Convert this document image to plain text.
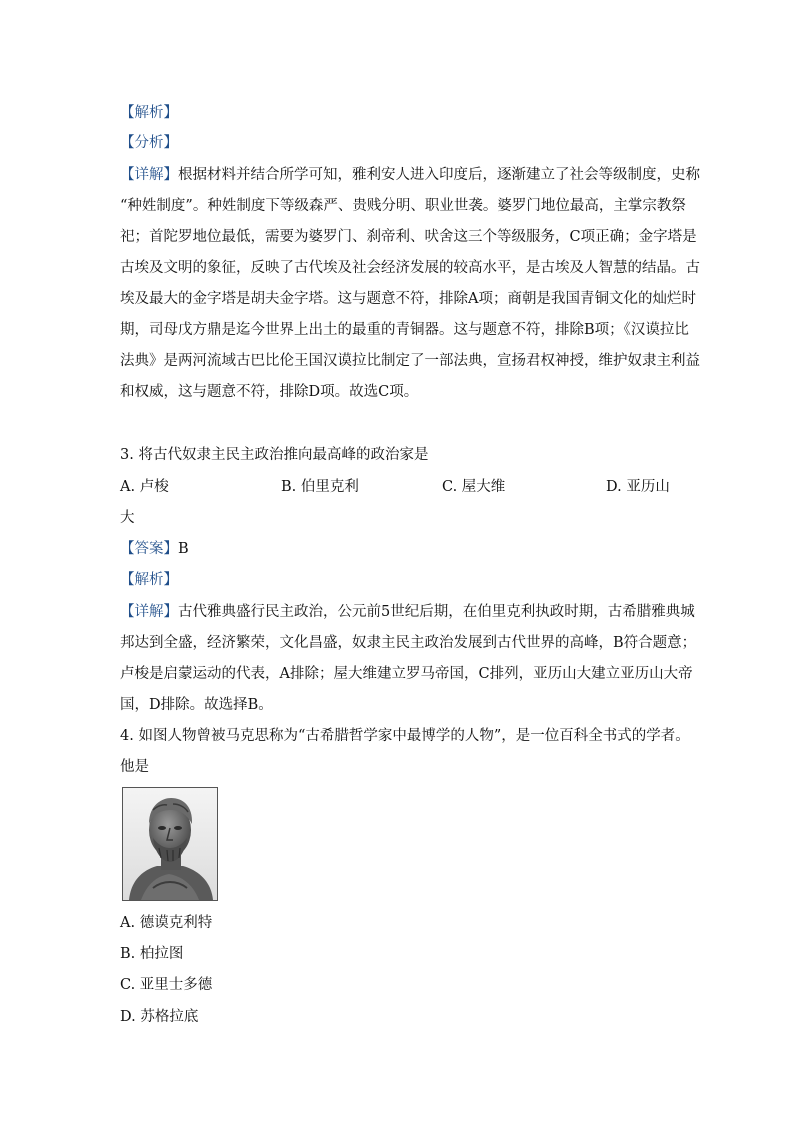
【解析】
【分析】
【详解】根据材料并结合所学可知，雅利安人进入印度后，逐渐建立了社会等级制度，史称
“种姓制度”。种姓制度下等级森严、贵贱分明、职业世袭。婆罗门地位最高，主掌宗教祭
祀；首陀罗地位最低，需要为婆罗门、刹帝利、吠舍这三个等级服务，C项正确；金字塔是
古埃及文明的象征，反映了古代埃及社会经济发展的较高水平，是古埃及人智慧的结晶。古
埃及最大的金字塔是胡夫金字塔。这与题意不符，排除A项；商朝是我国青铜文化的灿烂时
期，司母戊方鼎是迄今世界上出土的最重的青铜器。这与题意不符，排除B项；《汉谟拉比
法典》是两河流域古巴比伦王国汉谟拉比制定了一部法典，宣扬君权神授，维护奴隶主利益
和权威，这与题意不符，排除D项。故选C项。
3. 将古代奴隶主民主政治推向最高峰的政治家是
A. 卢梭	B. 伯里克利	C. 屋大维	D. 亚历山
大
【答案】B
【解析】
【详解】古代雅典盛行民主政治，公元前5世纪后期，在伯里克利执政时期，古希腊雅典城
邦达到全盛，经济繁荣，文化昌盛，奴隶主民主政治发展到古代世界的高峰，B符合题意；
卢梭是启蒙运动的代表，A排除；屋大维建立罗马帝国，C排列，亚历山大建立亚历山大帝
国，D排除。故选择B。
4. 如图人物曾被马克思称为“古希腊哲学家中最博学的人物”，是一位百科全书式的学者。
他是
A. 德谟克利特
B. 柏拉图
C. 亚里士多德
D. 苏格拉底
